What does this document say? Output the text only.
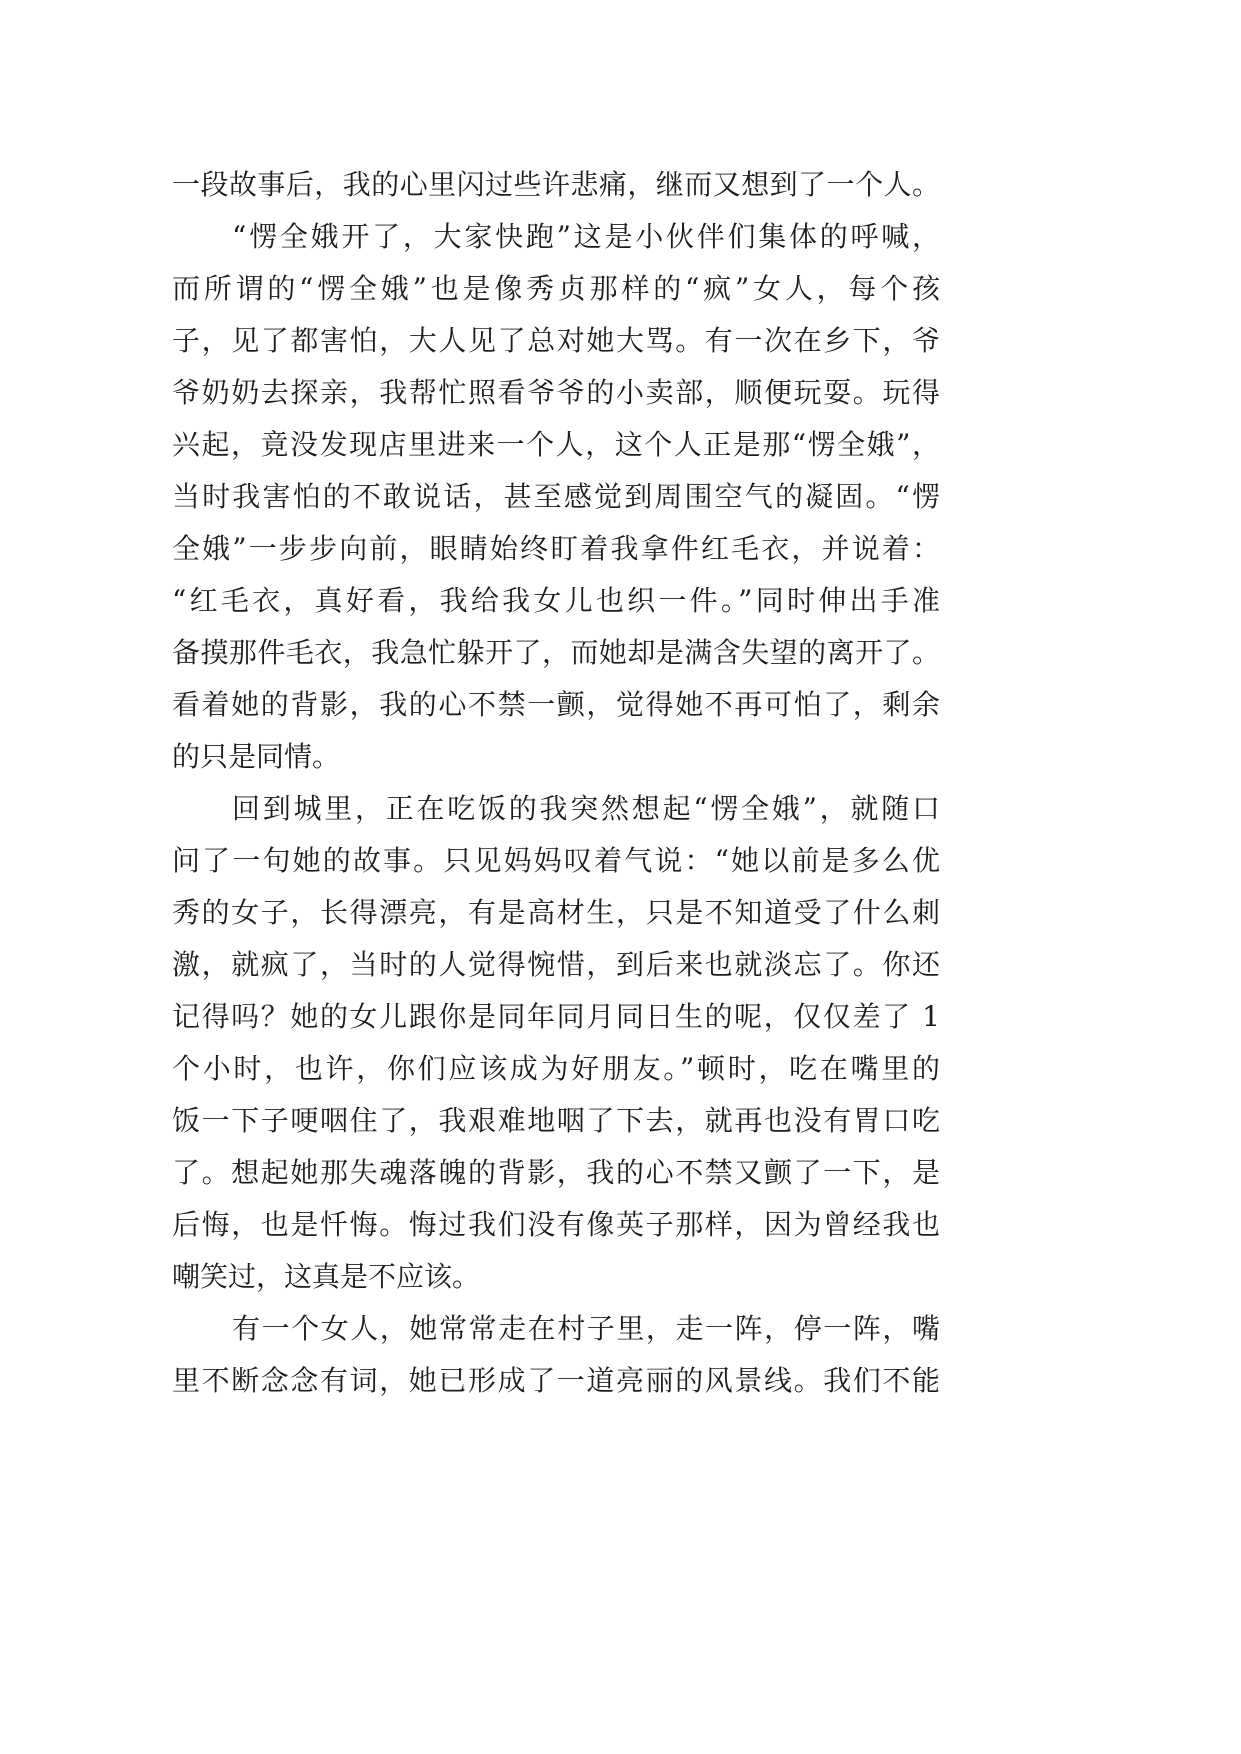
一段故事后，我的心里闪过些许悲痛，继而又想到了一个人。
“愣全娥开了，大家快跑”这是小伙伴们集体的呼喊，
而所谓的“愣全娥”也是像秀贞那样的“疯”女人，每个孩
子，见了都害怕，大人见了总对她大骂。有一次在乡下，爷
爷奶奶去探亲，我帮忙照看爷爷的小卖部，顺便玩耍。玩得
兴起，竟没发现店里进来一个人，这个人正是那“愣全娥”，
当时我害怕的不敢说话，甚至感觉到周围空气的凝固。“愣
全娥”一步步向前，眼睛始终盯着我拿件红毛衣，并说着：
“红毛衣，真好看，我给我女儿也织一件。”同时伸出手准
备摸那件毛衣，我急忙躲开了，而她却是满含失望的离开了。
看着她的背影，我的心不禁一颤，觉得她不再可怕了，剩余
的只是同情。
回到城里，正在吃饭的我突然想起“愣全娥”，就随口
问了一句她的故事。只见妈妈叹着气说：“她以前是多么优
秀的女子，长得漂亮，有是高材生，只是不知道受了什么刺
激，就疯了，当时的人觉得惋惜，到后来也就淡忘了。你还
记得吗？她的女儿跟你是同年同月同日生的呢，仅仅差了 1
个小时，也许，你们应该成为好朋友。”顿时，吃在嘴里的
饭一下子哽咽住了，我艰难地咽了下去，就再也没有胃口吃
了。想起她那失魂落魄的背影，我的心不禁又颤了一下，是
后悔，也是忏悔。悔过我们没有像英子那样，因为曾经我也
嘲笑过，这真是不应该。
有一个女人，她常常走在村子里，走一阵，停一阵，嘴
里不断念念有词，她已形成了一道亮丽的风景线。我们不能
